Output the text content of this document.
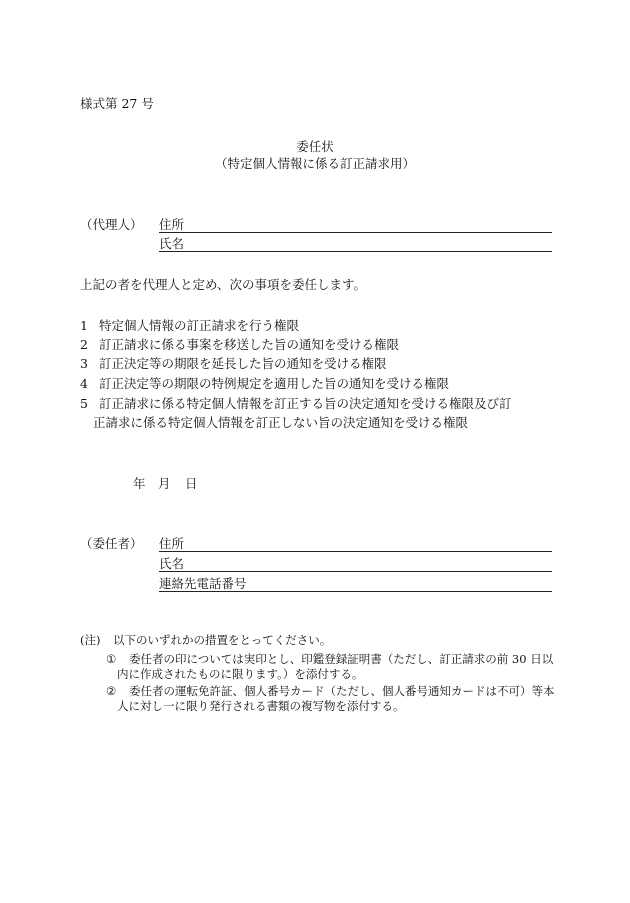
様式第 27 号
委任状
（特定個人情報に係る訂正請求用）
（代理人） 住所
氏名
上記の者を代理人と定め、次の事項を委任します。
1 特定個人情報の訂正請求を行う権限
2 訂正請求に係る事案を移送した旨の通知を受ける権限
3 訂正決定等の期限を延長した旨の通知を受ける権限
4 訂正決定等の期限の特例規定を適用した旨の通知を受ける権限
5 訂正請求に係る特定個人情報を訂正する旨の決定通知を受ける権限及び訂
正請求に係る特定個人情報を訂正しない旨の決定通知を受ける権限
年 月 日
（委任者） 住所
氏名
連絡先電話番号
(注) 以下のいずれかの措置をとってください。
① 委任者の印については実印とし、印鑑登録証明書（ただし、訂正請求の前 30 日以
内に作成されたものに限ります。）を添付する。
② 委任者の運転免許証、個人番号カード（ただし、個人番号通知カードは不可）等本
人に対し一に限り発行される書類の複写物を添付する。
